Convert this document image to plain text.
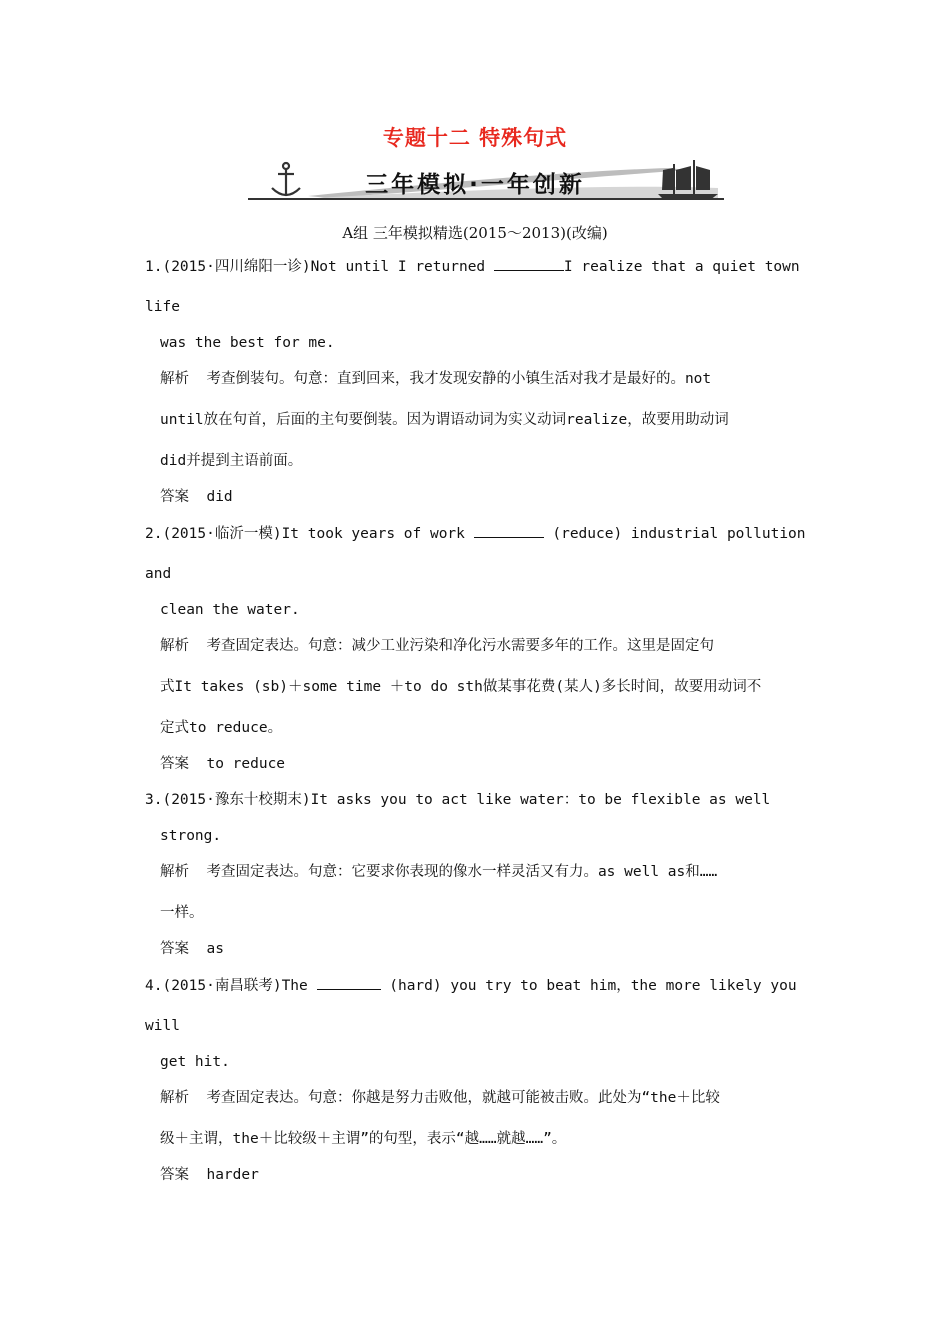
专题十二 特殊句式
三年模拟·一年创新
A组 三年模拟精选(2015～2013)(改编)
1.(2015·四川绵阳一诊)Not until I returned	I realize that a quiet town
life
was the best for me.
解析  考查倒装句。句意：直到回来，我才发现安静的小镇生活对我才是最好的。not
until放在句首，后面的主句要倒装。因为谓语动词为实义动词realize，故要用助动词
did并提到主语前面。
答案  did
2.(2015·临沂一模)It took years of work	(reduce) industrial pollution
and
clean the water.
解析  考查固定表达。句意：减少工业污染和净化污水需要多年的工作。这里是固定句
式It takes (sb)＋some time ＋to do sth做某事花费(某人)多长时间，故要用动词不
定式to reduce。
答案  to reduce
3.(2015·豫东十校期末)It asks you to act like water：to be flexible as well
strong.
解析  考查固定表达。句意：它要求你表现的像水一样灵活又有力。as well as和……
一样。
答案  as
4.(2015·南昌联考)The	(hard) you try to beat him，the more likely you
will
get hit.
解析  考查固定表达。句意：你越是努力击败他，就越可能被击败。此处为“the＋比较
级＋主谓，the＋比较级＋主谓”的句型，表示“越……就越……”。
答案  harder
